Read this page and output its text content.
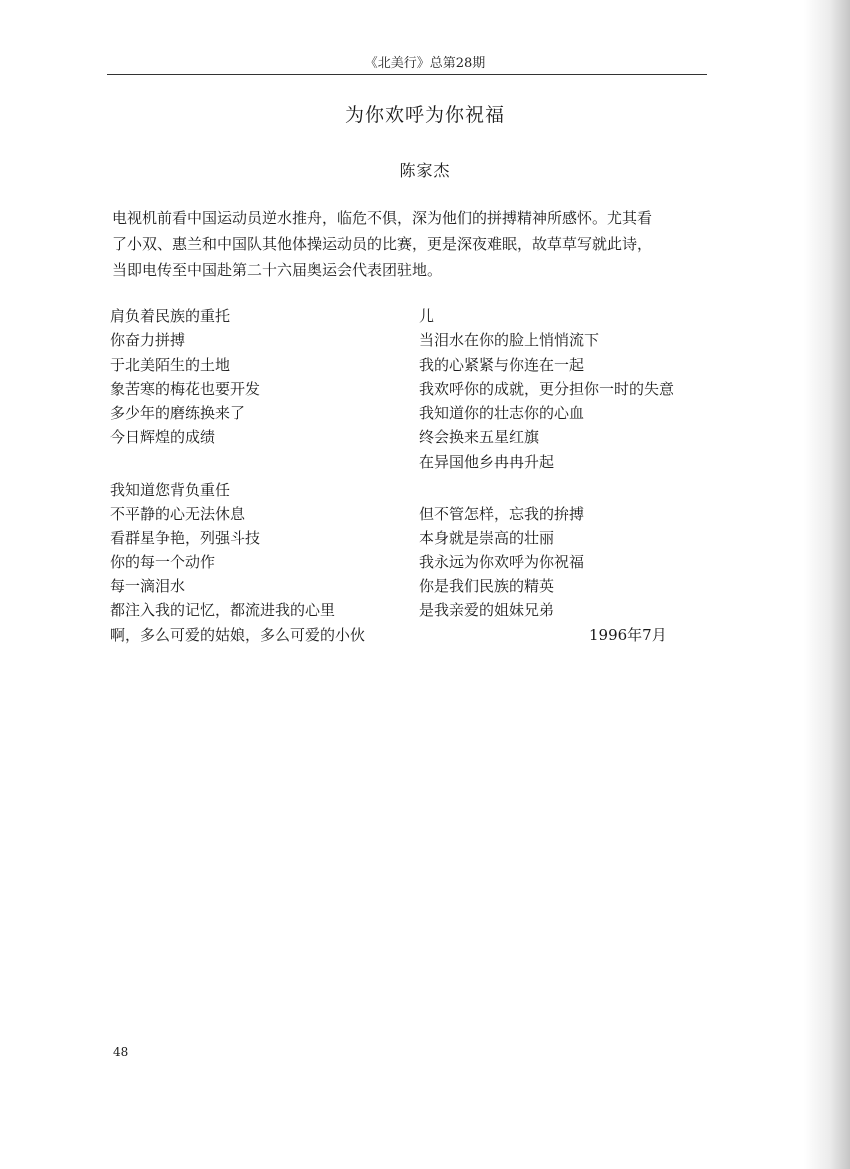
《北美行》总第28期
为你欢呼为你祝福
陈家杰
电视机前看中国运动员逆水推舟，临危不俱，深为他们的拼搏精神所感怀。尤其看
了小双、惠兰和中国队其他体操运动员的比赛，更是深夜难眠，故草草写就此诗，
当即电传至中国赴第二十六届奥运会代表团驻地。
肩负着民族的重托
你奋力拼搏
于北美陌生的土地
象苦寒的梅花也要开发
多少年的磨练换来了
今日辉煌的成绩
我知道您背负重任
不平静的心无法休息
看群星争艳，列强斗技
你的每一个动作
每一滴泪水
都注入我的记忆，都流进我的心里
啊，多么可爱的姑娘，多么可爱的小伙
儿
当泪水在你的脸上悄悄流下
我的心紧紧与你连在一起
我欢呼你的成就，更分担你一时的失意
我知道你的壮志你的心血
终会换来五星红旗
在异国他乡冉冉升起
但不管怎样，忘我的拚搏
本身就是崇高的壮丽
我永远为你欢呼为你祝福
你是我们民族的精英
是我亲爱的姐妹兄弟
1996年7月
48
